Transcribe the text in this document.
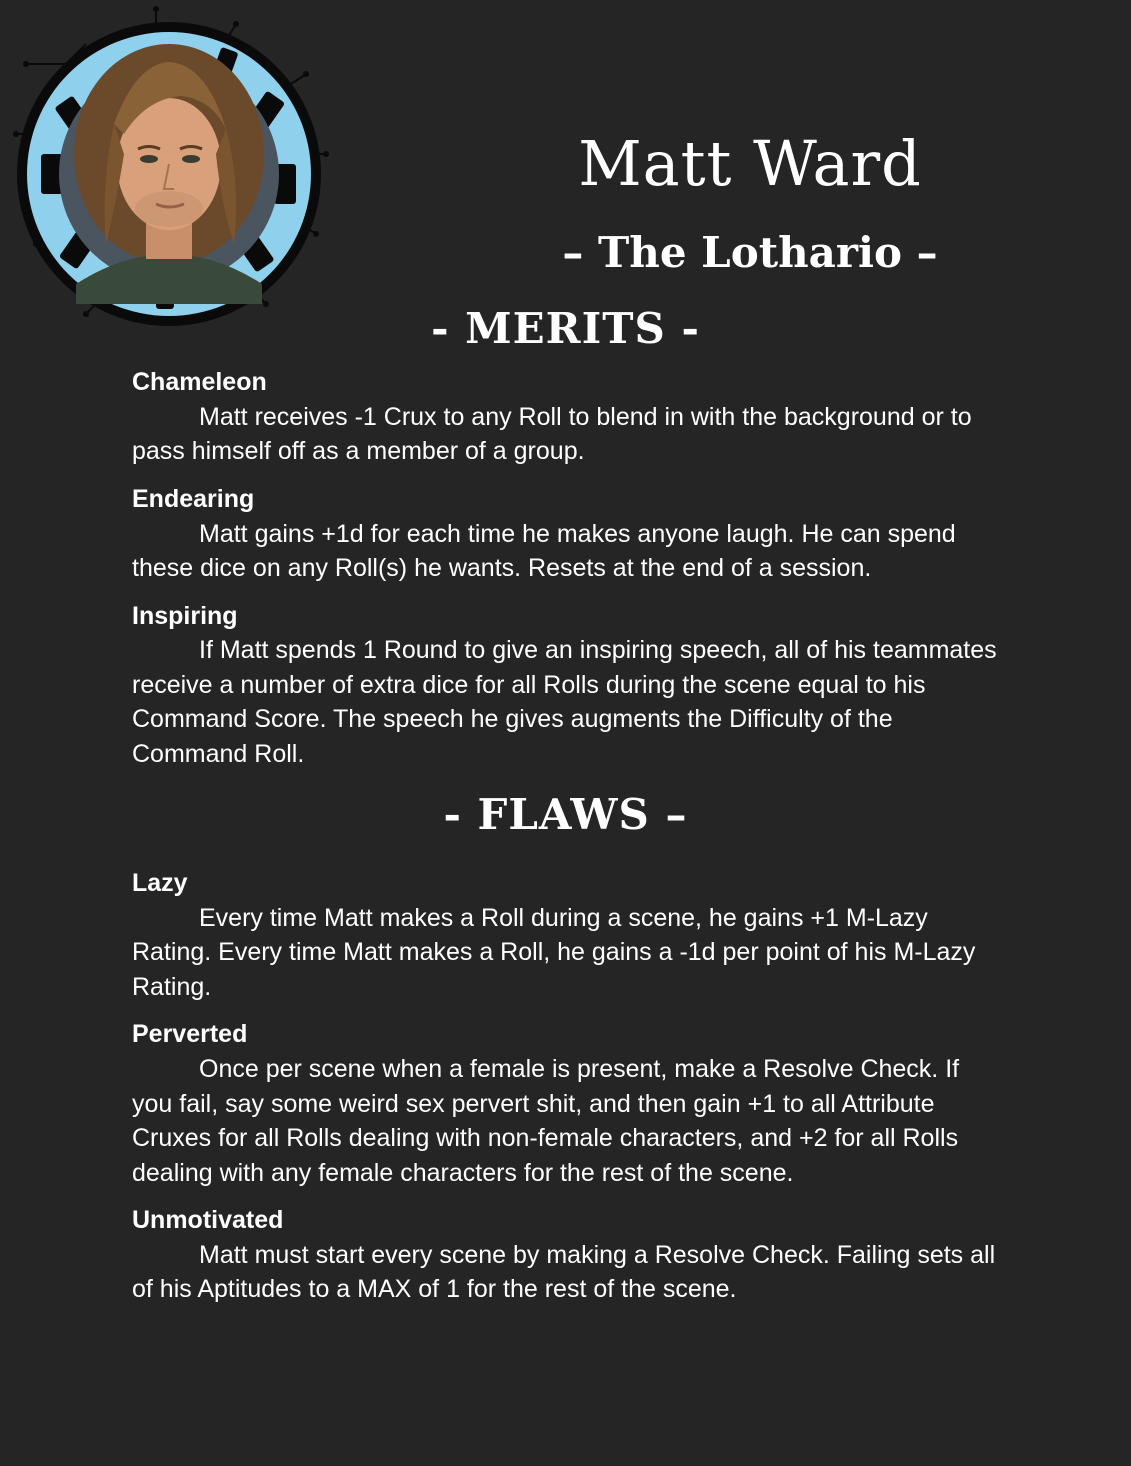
Matt Ward
– The Lothario –
- MERITS -

Chameleon

Matt receives -1 Crux to any Roll to blend in with the background or to pass himself off as a member of a group.

Endearing

Matt gains +1d for each time he makes anyone laugh. He can spend these dice on any Roll(s) he wants. Resets at the end of a session.

Inspiring

If Matt spends 1 Round to give an inspiring speech, all of his teammates receive a number of extra dice for all Rolls during the scene equal to his Command Score. The speech he gives augments the Difficulty of the Command Roll.

- FLAWS –

Lazy

Every time Matt makes a Roll during a scene, he gains +1 M-Lazy Rating. Every time Matt makes a Roll, he gains a -1d per point of his M-Lazy Rating.

Perverted

Once per scene when a female is present, make a Resolve Check. If you fail, say some weird sex pervert shit, and then gain +1 to all Attribute Cruxes for all Rolls dealing with non-female characters, and +2 for all Rolls dealing with any female characters for the rest of the scene.

Unmotivated

Matt must start every scene by making a Resolve Check. Failing sets all of his Aptitudes to a MAX of 1 for the rest of the scene.
